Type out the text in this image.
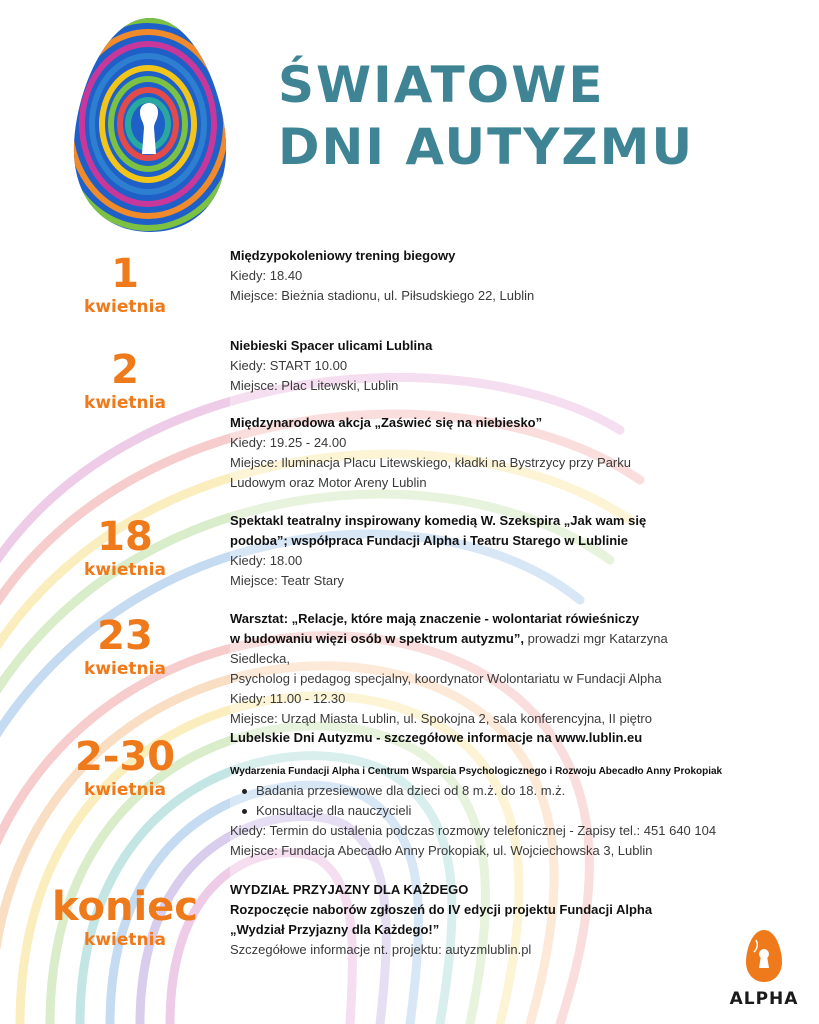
ŚWIATOWE
DNI AUTYZMU
1
kwietnia
2
kwietnia
18
kwietnia
23
kwietnia
2-30
kwietnia
koniec
kwietnia
Międzypokoleniowy trening biegowy
Kiedy: 18.40
Miejsce: Bieżnia stadionu, ul. Piłsudskiego 22, Lublin
Niebieski Spacer ulicami Lublina
Kiedy: START 10.00
Miejsce: Plac Litewski, Lublin
Międzynarodowa akcja „Zaświeć się na niebiesko”
Kiedy: 19.25 - 24.00
Miejsce: Iluminacja Placu Litewskiego, kładki na Bystrzycy przy Parku
Ludowym oraz Motor Areny Lublin
Spektakl teatralny inspirowany komedią W. Szekspira „Jak wam się
podoba”; współpraca Fundacji Alpha i Teatru Starego w Lublinie
Kiedy: 18.00
Miejsce: Teatr Stary
Warsztat: „Relacje, które mają znaczenie - wolontariat rówieśniczy
w budowaniu więzi osób w spektrum autyzmu”, prowadzi mgr Katarzyna Siedlecka,
Psycholog i pedagog specjalny, koordynator Wolontariatu w Fundacji Alpha
Kiedy: 11.00 - 12.30
Miejsce: Urząd Miasta Lublin, ul. Spokojna 2, sala konferencyjna, II piętro
Lubelskie Dni Autyzmu - szczegółowe informacje na www.lublin.eu
Wydarzenia Fundacji Alpha i Centrum Wsparcia Psychologicznego i Rozwoju Abecadło Anny Prokopiak
Badania przesiewowe dla dzieci od 8 m.ż. do 18. m.ż.
Konsultacje dla nauczycieli
Kiedy: Termin do ustalenia podczas rozmowy telefonicznej - Zapisy tel.: 451 640 104
Miejsce: Fundacja Abecadło Anny Prokopiak, ul. Wojciechowska 3, Lublin
WYDZIAŁ PRZYJAZNY DLA KAŻDEGO
Rozpoczęcie naborów zgłoszeń do IV edycji projektu Fundacji Alpha
„Wydział Przyjazny dla Każdego!”
Szczegółowe informacje nt. projektu: autyzmlublin.pl
ALPHA
